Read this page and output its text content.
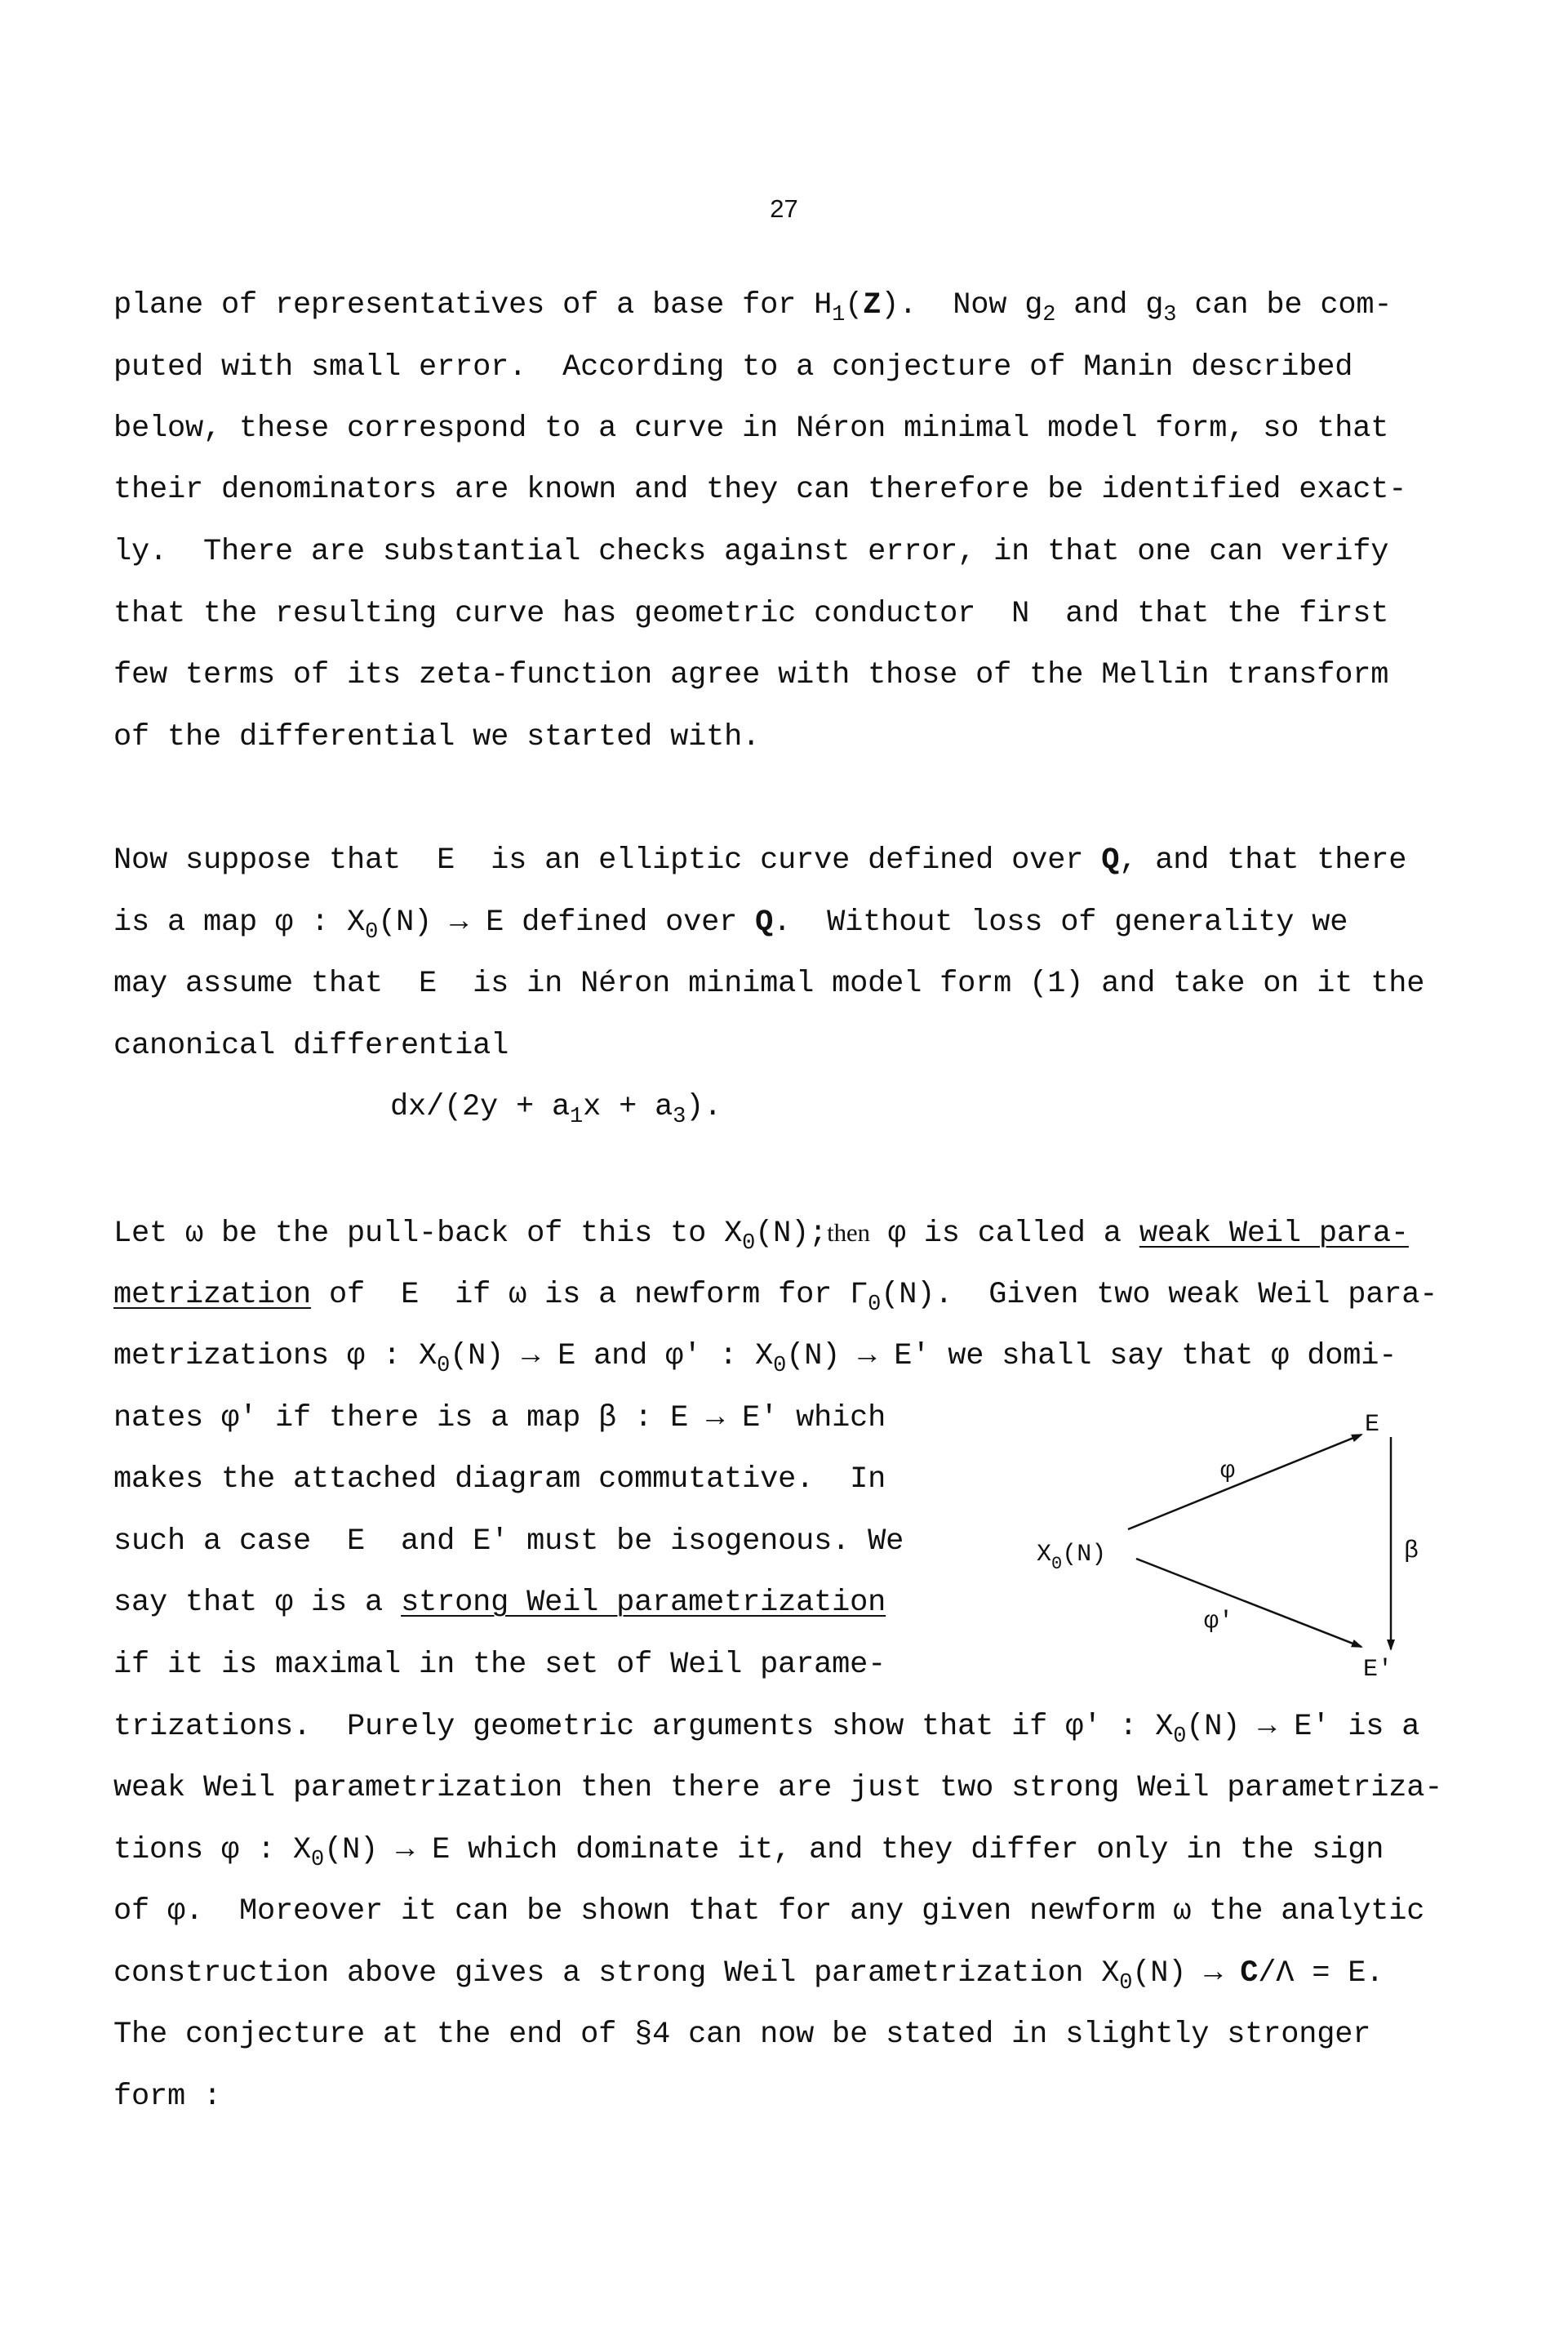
27
plane of representatives of a base for $H_1(Z)$.  Now $g_2$ and $g_3$ can be com-
puted with small error.  According to a conjecture of Manin described
below, these correspond to a curve in Néron minimal model form, so that
their denominators are known and they can therefore be identified exact-
ly.  There are substantial checks against error, in that one can verify
that the resulting curve has geometric conductor  N  and that the first
few terms of its zeta-function agree with those of the Mellin transform
of the differential we started with.
Now suppose that  E  is an elliptic curve defined over Q, and that there
is a map φ : $X_0(N) \to E$ defined over Q.  Without loss of generality we
may assume that  E  is in Néron minimal model form (1) and take on it the
canonical differential
$dx/(2y + a_1x + a_3)$.
Let ω be the pull-back of this to $X_0(N);then$ φ is called a weak Weil para-
metrization of  E  if ω is a newform for $\Gamma_0(N)$.  Given two weak Weil para-
metrizations φ : $X_0(N) \to E$ and φ' : $X_0(N) \to E'$ we shall say that φ domi-
nates φ' if there is a map β : E → E' which
makes the attached diagram commutative.  In
such a case  E  and E' must be isogenous. We
say that φ is a strong Weil parametrization
if it is maximal in the set of Weil parame-
trizations.  Purely geometric arguments show that if φ' : $X_0(N) \to E'$ is a
weak Weil parametrization then there are just two strong Weil parametriza-
tions φ : $X_0(N) \to E$ which dominate it, and they differ only in the sign
of φ.  Moreover it can be shown that for any given newform ω the analytic
construction above gives a strong Weil parametrization $X_0(N) \to C/\Lambda = E$.
The conjecture at the end of §4 can now be stated in slightly stronger
form :
E
E'
$X_0(N)$
φ
φ'
β
